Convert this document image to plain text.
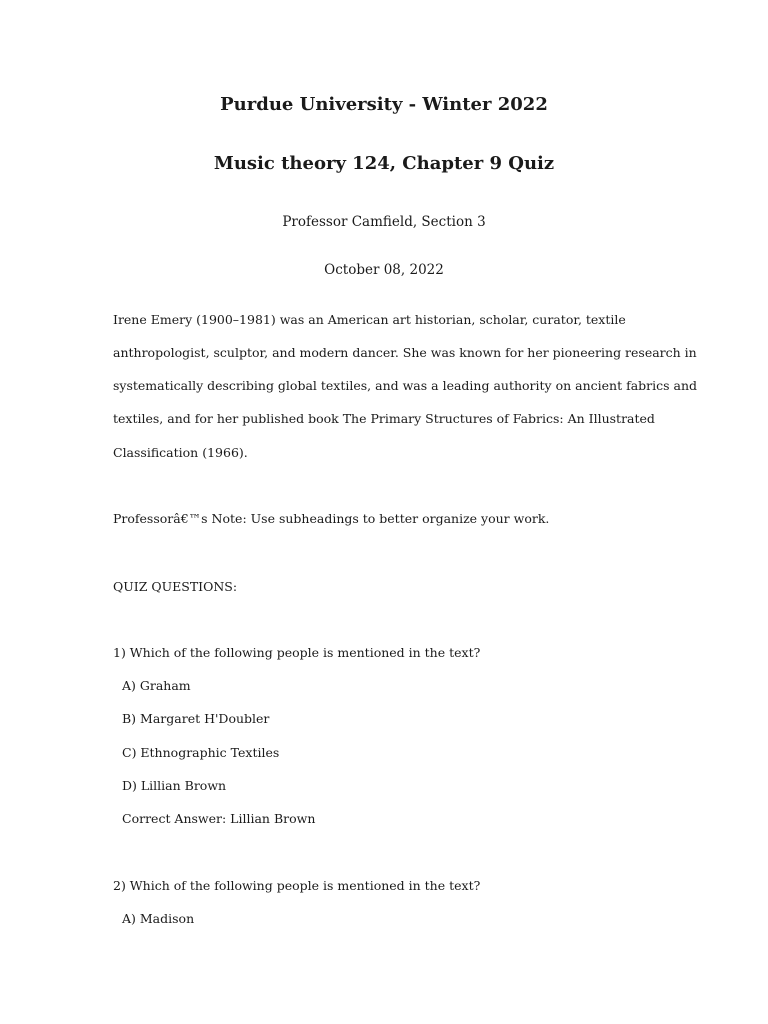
Purdue University - Winter 2022
Music theory 124, Chapter 9 Quiz
Professor Camfield, Section 3
October 08, 2022
Irene Emery (1900–1981) was an American art historian, scholar, curator, textile
anthropologist, sculptor, and modern dancer. She was known for her pioneering research in
systematically describing global textiles, and was a leading authority on ancient fabrics and
textiles, and for her published book The Primary Structures of Fabrics: An Illustrated
Classification (1966).
Professorâ€™s Note: Use subheadings to better organize your work.
QUIZ QUESTIONS:
1) Which of the following people is mentioned in the text?
A) Graham
B) Margaret H'Doubler
C) Ethnographic Textiles
D) Lillian Brown
Correct Answer: Lillian Brown
2) Which of the following people is mentioned in the text?
A) Madison
